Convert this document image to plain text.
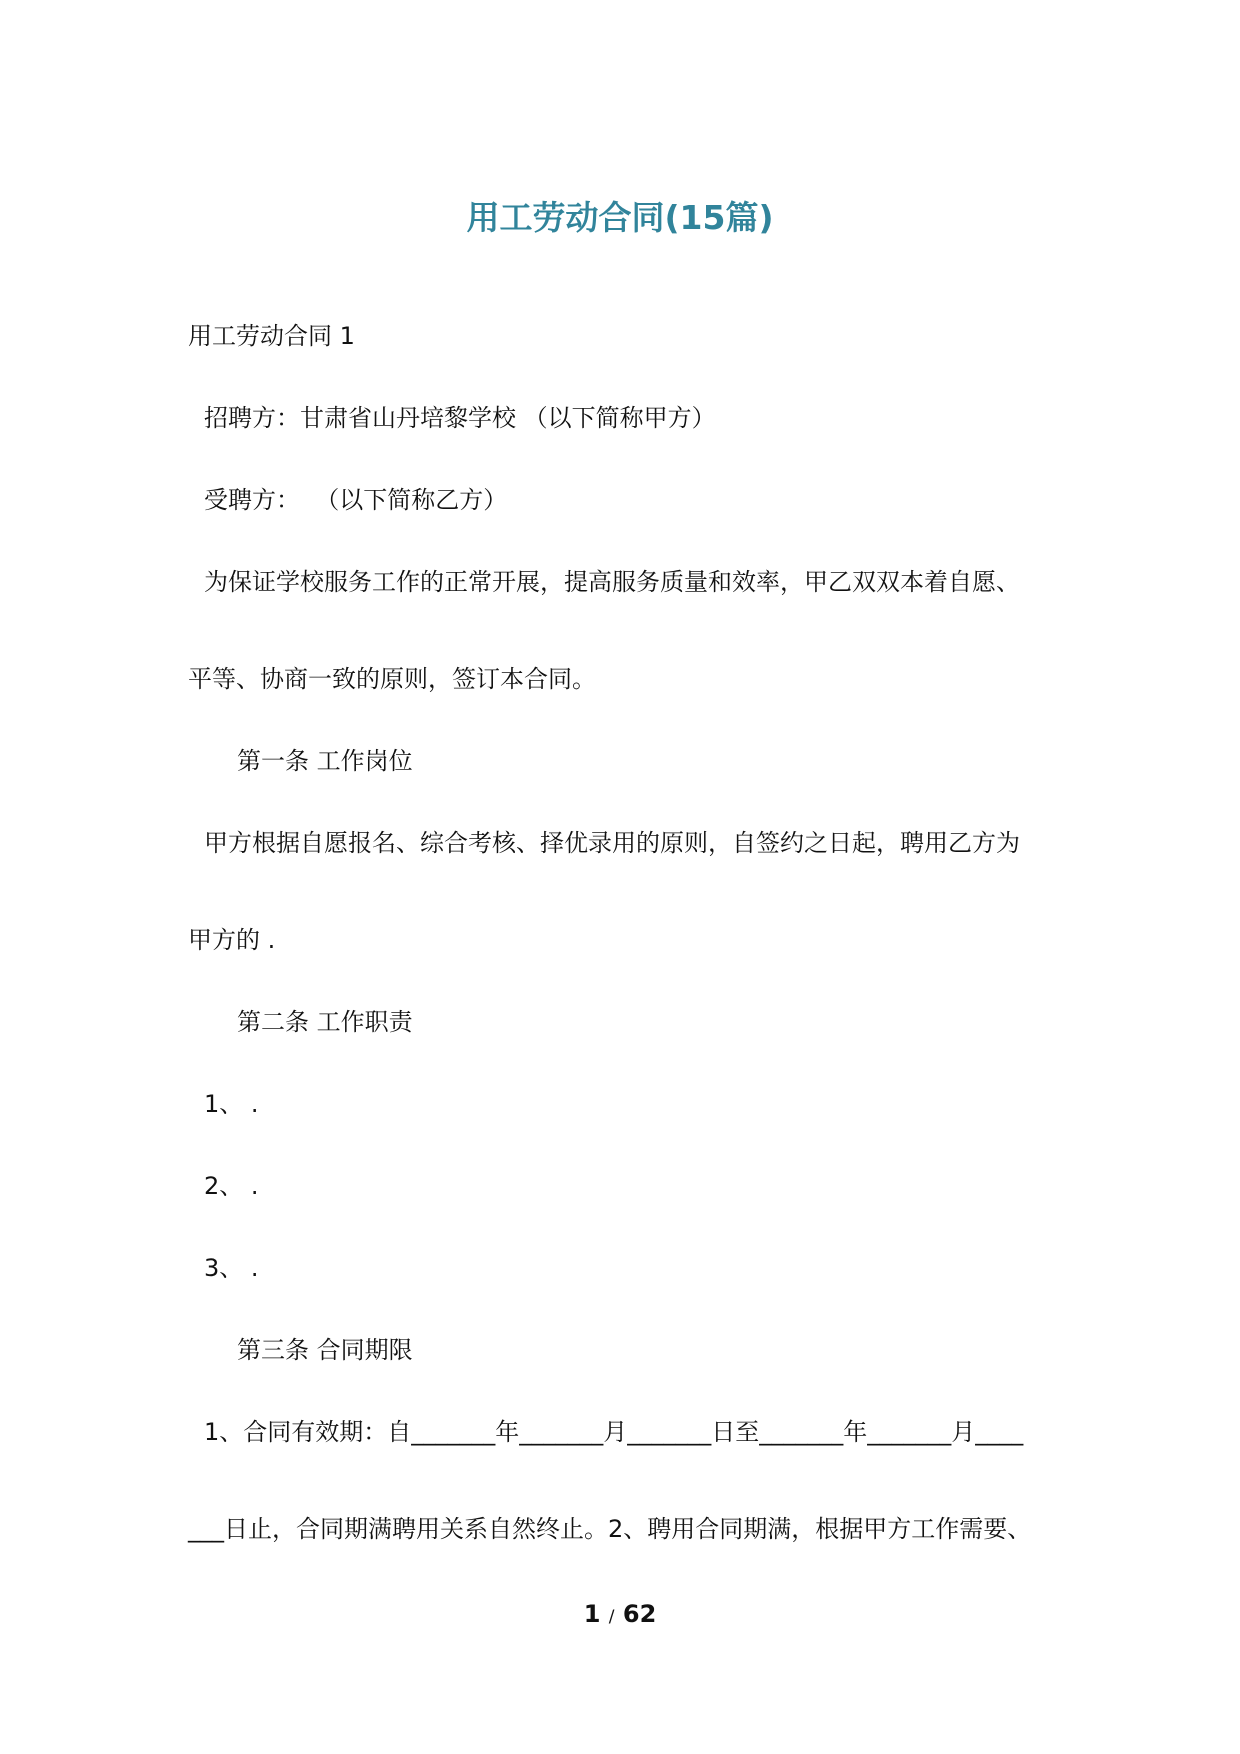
用工劳动合同(15篇)

用工劳动合同 1

招聘方：甘肃省山丹培黎学校 （以下简称甲方）

受聘方：  （以下简称乙方）

为保证学校服务工作的正常开展，提高服务质量和效率，甲乙双双本着自愿、

平等、协商一致的原则，签订本合同。

第一条 工作岗位

甲方根据自愿报名、综合考核、择优录用的原则，自签约之日起，聘用乙方为

甲方的 .

第二条 工作职责

1、 .

2、 .

3、 .

第三条 合同期限

1、合同有效期：自_______年_______月_______日至_______年_______月____

___日止，合同期满聘用关系自然终止。2、聘用合同期满，根据甲方工作需要、

1 / 62
